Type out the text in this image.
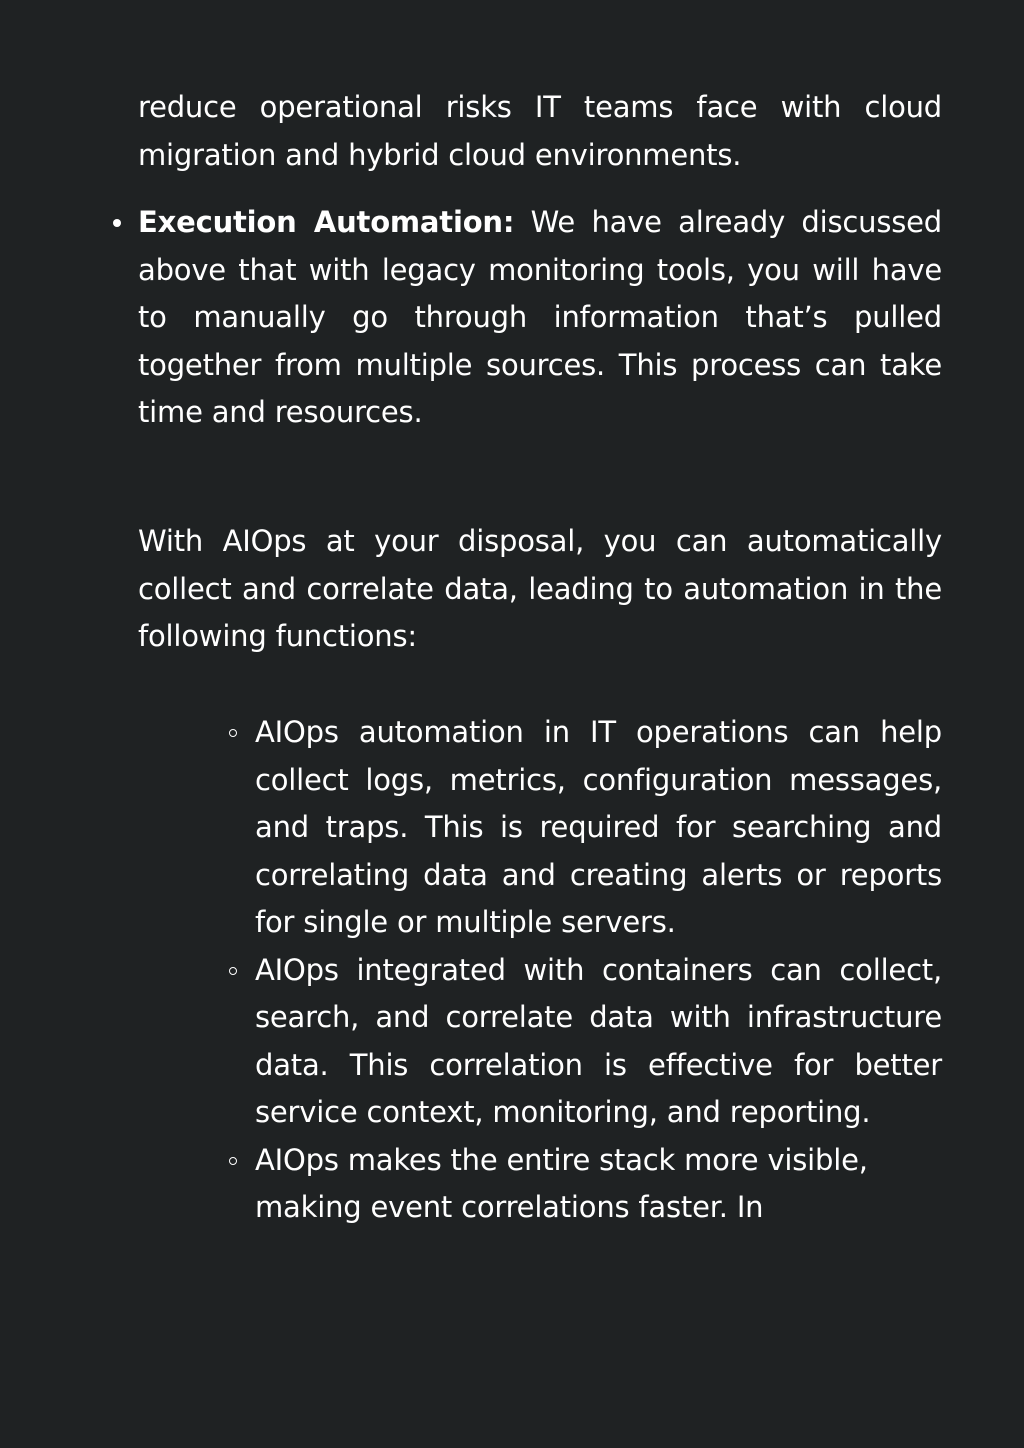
reduce operational risks IT teams face with cloud migration and hybrid cloud environments.

Execution Automation: We have already discussed above that with legacy monitoring tools, you will have to manually go through information that’s pulled together from multiple sources. This process can take time and resources.

With AIOps at your disposal, you can automatically collect and correlate data, leading to automation in the following functions:

AIOps automation in IT operations can help collect logs, metrics, configuration messages, and traps. This is required for searching and correlating data and creating alerts or reports for single or multiple servers.
AIOps integrated with containers can collect, search, and correlate data with infrastructure data. This correlation is effective for better service context, monitoring, and reporting.
AIOps makes the entire stack more visible, making event correlations faster. In
